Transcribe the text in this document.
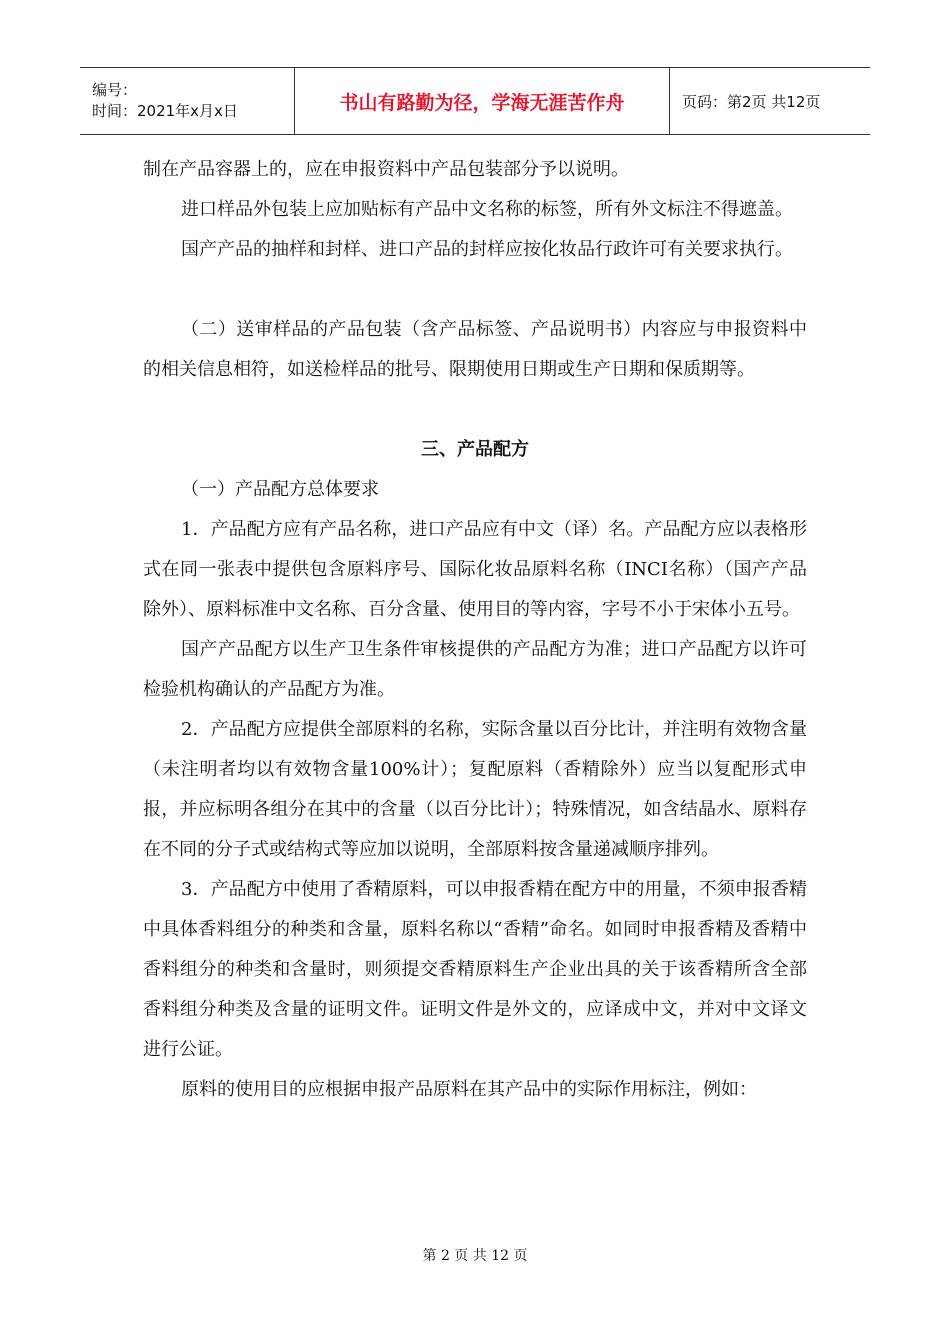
编号：
时间：2021年x月x日	书山有路勤为径，学海无涯苦作舟	页码：第2页 共12页

制在产品容器上的，应在申报资料中产品包装部分予以说明。

进口样品外包装上应加贴标有产品中文名称的标签，所有外文标注不得遮盖。

国产产品的抽样和封样、进口产品的封样应按化妆品行政许可有关要求执行。

（二）送审样品的产品包装（含产品标签、产品说明书）内容应与申报资料中的相关信息相符，如送检样品的批号、限期使用日期或生产日期和保质期等。

三、产品配方

（一）产品配方总体要求

1．产品配方应有产品名称，进口产品应有中文（译）名。产品配方应以表格形式在同一张表中提供包含原料序号、国际化妆品原料名称（INCI名称）（国产产品除外）、原料标准中文名称、百分含量、使用目的等内容，字号不小于宋体小五号。

国产产品配方以生产卫生条件审核提供的产品配方为准；进口产品配方以许可检验机构确认的产品配方为准。

2．产品配方应提供全部原料的名称，实际含量以百分比计，并注明有效物含量（未注明者均以有效物含量100%计）；复配原料（香精除外）应当以复配形式申报，并应标明各组分在其中的含量（以百分比计）；特殊情况，如含结晶水、原料存在不同的分子式或结构式等应加以说明，全部原料按含量递减顺序排列。

3．产品配方中使用了香精原料，可以申报香精在配方中的用量，不须申报香精中具体香料组分的种类和含量，原料名称以“香精”命名。如同时申报香精及香精中香料组分的种类和含量时，则须提交香精原料生产企业出具的关于该香精所含全部香料组分种类及含量的证明文件。证明文件是外文的，应译成中文，并对中文译文进行公证。

原料的使用目的应根据申报产品原料在其产品中的实际作用标注，例如：

第 2 页 共 12 页
